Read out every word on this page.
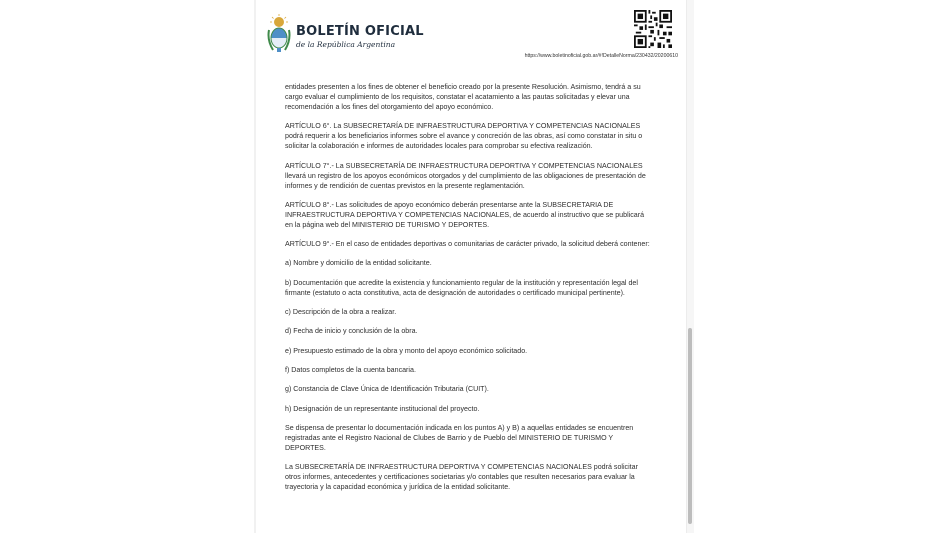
BOLETÍN OFICIAL
de la República Argentina
https://www.boletinoficial.gob.ar/#!DetalleNorma/230432/20200610

entidades presenten a los fines de obtener el beneficio creado por la presente Resolución. Asimismo, tendrá a su
cargo evaluar el cumplimiento de los requisitos, constatar el acatamiento a las pautas solicitadas y elevar una
recomendación a los fines del otorgamiento del apoyo económico.

ARTÍCULO 6°. La SUBSECRETARÍA DE INFRAESTRUCTURA DEPORTIVA Y COMPETENCIAS NACIONALES
podrá requerir a los beneficiarios informes sobre el avance y concreción de las obras, así como constatar in situ o
solicitar la colaboración e informes de autoridades locales para comprobar su efectiva realización.

ARTÍCULO 7°.- La SUBSECRETARÍA DE INFRAESTRUCTURA DEPORTIVA Y COMPETENCIAS NACIONALES
llevará un registro de los apoyos económicos otorgados y del cumplimiento de las obligaciones de presentación de
informes y de rendición de cuentas previstos en la presente reglamentación.

ARTÍCULO 8°.- Las solicitudes de apoyo económico deberán presentarse ante la SUBSECRETARIA DE
INFRAESTRUCTURA DEPORTIVA Y COMPETENCIAS NACIONALES, de acuerdo al instructivo que se publicará
en la página web del MINISTERIO DE TURISMO Y DEPORTES.

ARTÍCULO 9°.- En el caso de entidades deportivas o comunitarias de carácter privado, la solicitud deberá contener:

a) Nombre y domicilio de la entidad solicitante.

b) Documentación que acredite la existencia y funcionamiento regular de la institución y representación legal del
firmante (estatuto o acta constitutiva, acta de designación de autoridades o certificado municipal pertinente).

c) Descripción de la obra a realizar.

d) Fecha de inicio y conclusión de la obra.

e) Presupuesto estimado de la obra y monto del apoyo económico solicitado.

f) Datos completos de la cuenta bancaria.

g) Constancia de Clave Única de Identificación Tributaria (CUIT).

h) Designación de un representante institucional del proyecto.

Se dispensa de presentar lo documentación indicada en los puntos A) y B) a aquellas entidades se encuentren
registradas ante el Registro Nacional de Clubes de Barrio y de Pueblo del MINISTERIO DE TURISMO Y
DEPORTES.

La SUBSECRETARÍA DE INFRAESTRUCTURA DEPORTIVA Y COMPETENCIAS NACIONALES podrá solicitar
otros informes, antecedentes y certificaciones societarias y/o contables que resulten necesarios para evaluar la
trayectoria y la capacidad económica y jurídica de la entidad solicitante.
